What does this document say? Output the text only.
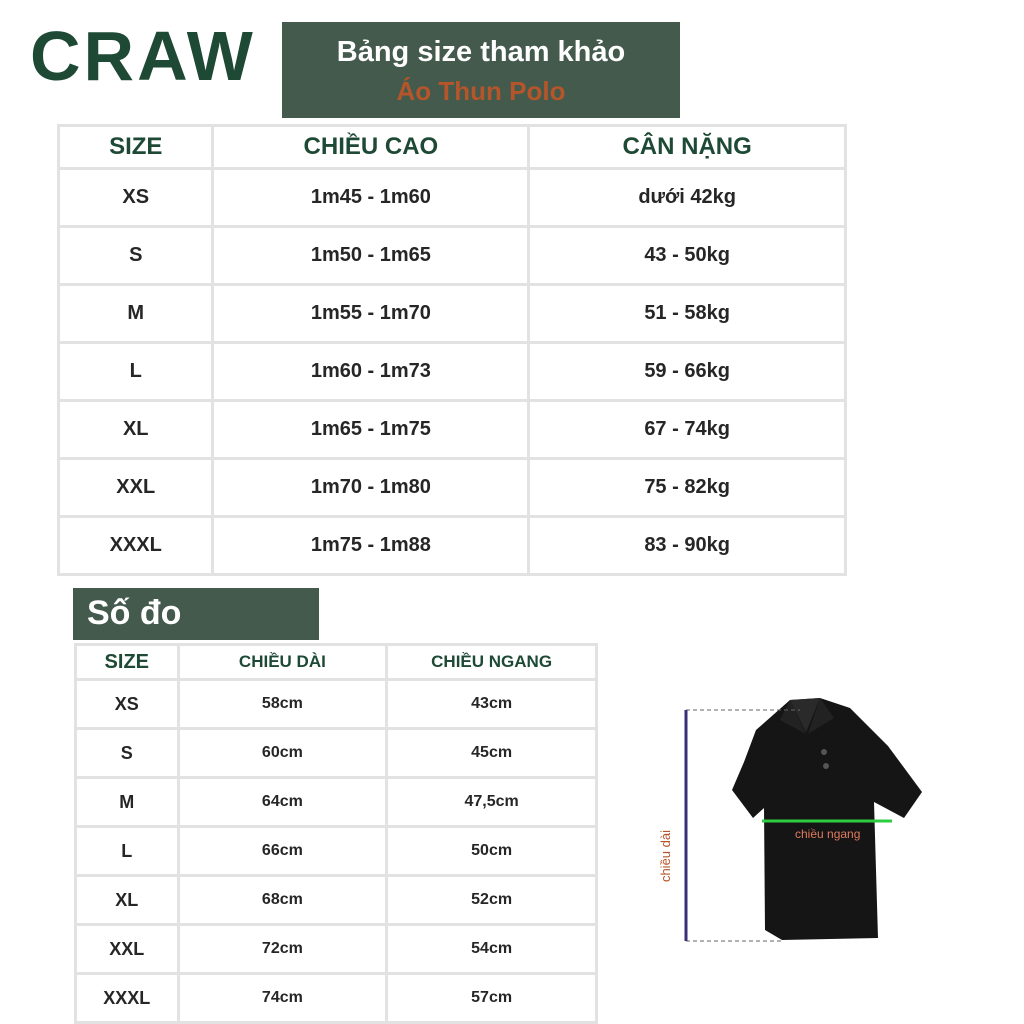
CRAW	Bảng size tham khảo
Áo Thun Polo
SIZE	CHIỀU CAO	CÂN NẶNG
XS	1m45 - 1m60	dưới 42kg
S	1m50 - 1m65	43 - 50kg
M	1m55 - 1m70	51 - 58kg
L	1m60 - 1m73	59 - 66kg
XL	1m65 - 1m75	67 - 74kg
XXL	1m70 - 1m80	75 - 82kg
XXXL	1m75 - 1m88	83 - 90kg
Số đo
SIZE	CHIỀU DÀI	CHIỀU NGANG
XS	58cm	43cm
S	60cm	45cm
M	64cm	47,5cm
L	66cm	50cm
XL	68cm	52cm
XXL	72cm	54cm
XXXL	74cm	57cm
chiều dài	chiều ngang
